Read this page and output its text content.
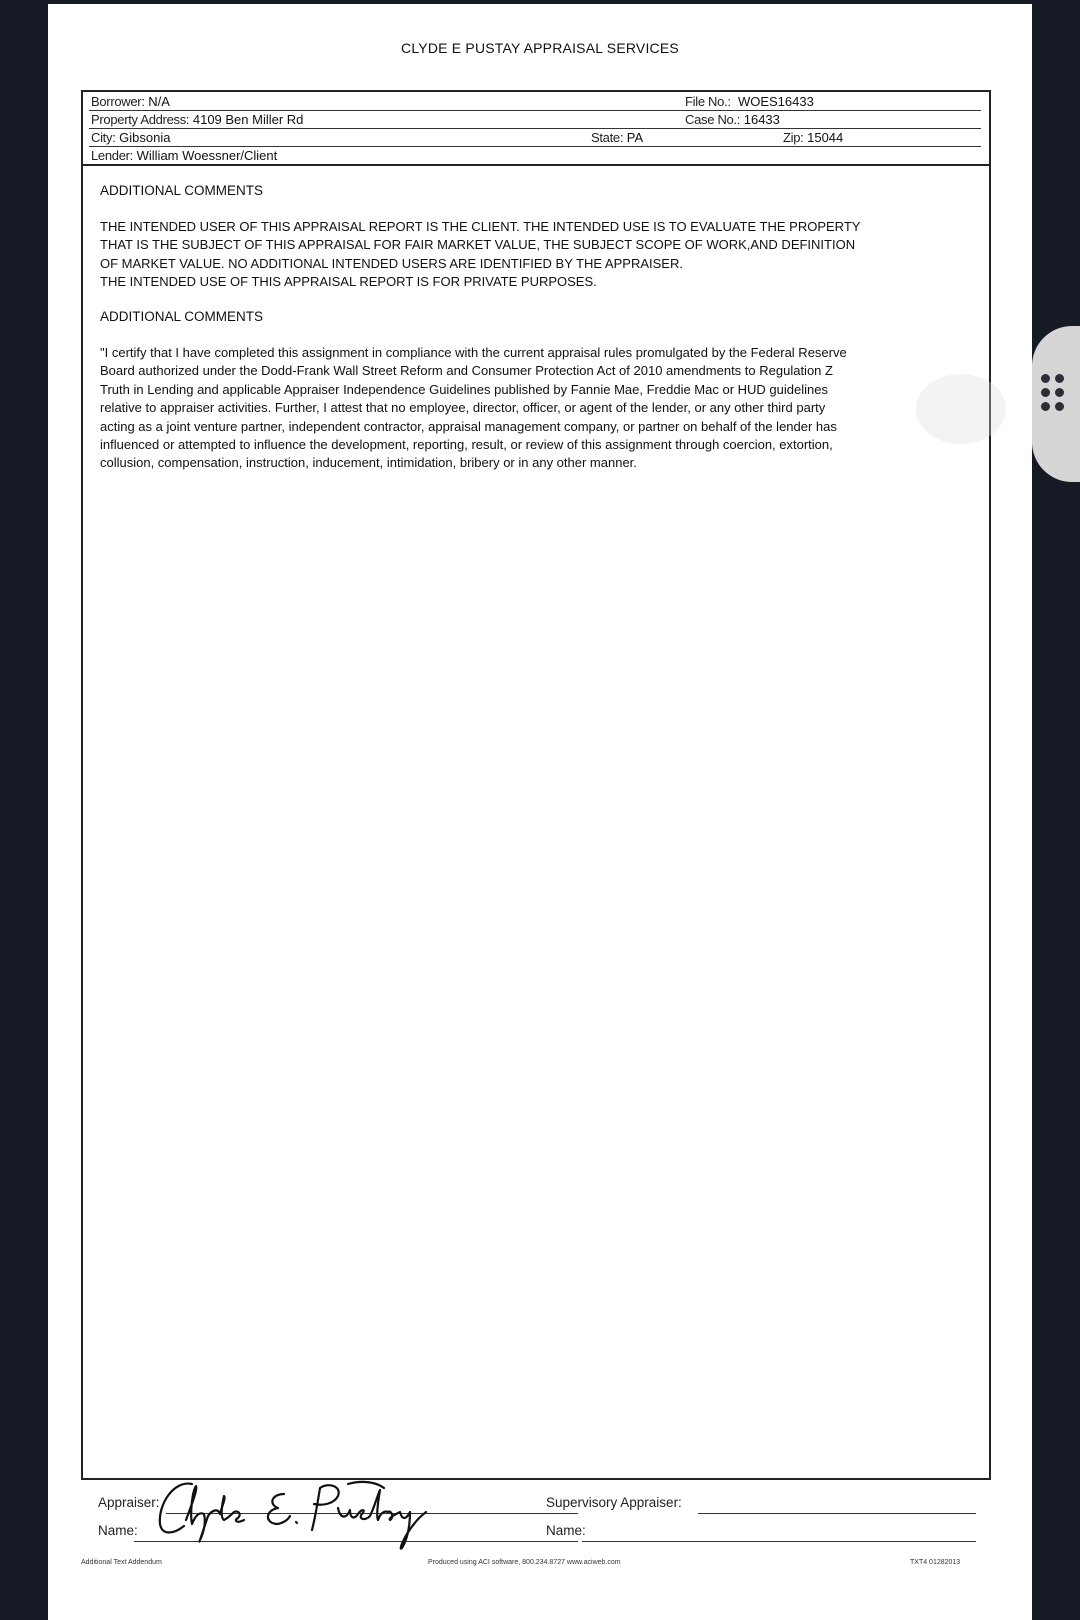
CLYDE E PUSTAY APPRAISAL SERVICES
Borrower: N/A	File No.: WOES16433
Property Address: 4109 Ben Miller Rd	Case No.: 16433
City: Gibsonia	State: PA	Zip: 15044
Lender: William Woessner/Client
ADDITIONAL COMMENTS
THE INTENDED USER OF THIS APPRAISAL REPORT IS THE CLIENT. THE INTENDED USE IS TO EVALUATE THE PROPERTY
THAT IS THE SUBJECT OF THIS APPRAISAL FOR FAIR MARKET VALUE, THE SUBJECT SCOPE OF WORK,AND DEFINITION
OF MARKET VALUE. NO ADDITIONAL INTENDED USERS ARE IDENTIFIED BY THE APPRAISER.
THE INTENDED USE OF THIS APPRAISAL REPORT IS FOR PRIVATE PURPOSES.
ADDITIONAL COMMENTS
"I certify that I have completed this assignment in compliance with the current appraisal rules promulgated by the Federal Reserve
Board authorized under the Dodd-Frank Wall Street Reform and Consumer Protection Act of 2010 amendments to Regulation Z
Truth in Lending and applicable Appraiser Independence Guidelines published by Fannie Mae, Freddie Mac or HUD guidelines
relative to appraiser activities. Further, I attest that no employee, director, officer, or agent of the lender, or any other third party
acting as a joint venture partner, independent contractor, appraisal management company, or partner on behalf of the lender has
influenced or attempted to influence the development, reporting, result, or review of this assignment through coercion, extortion,
collusion, compensation, instruction, inducement, intimidation, bribery or in any other manner.
Appraiser:
Name:
Supervisory Appraiser:
Name:
Additional Text Addendum	Produced using ACI software, 800.234.8727 www.aciweb.com	TXT4 01282013
